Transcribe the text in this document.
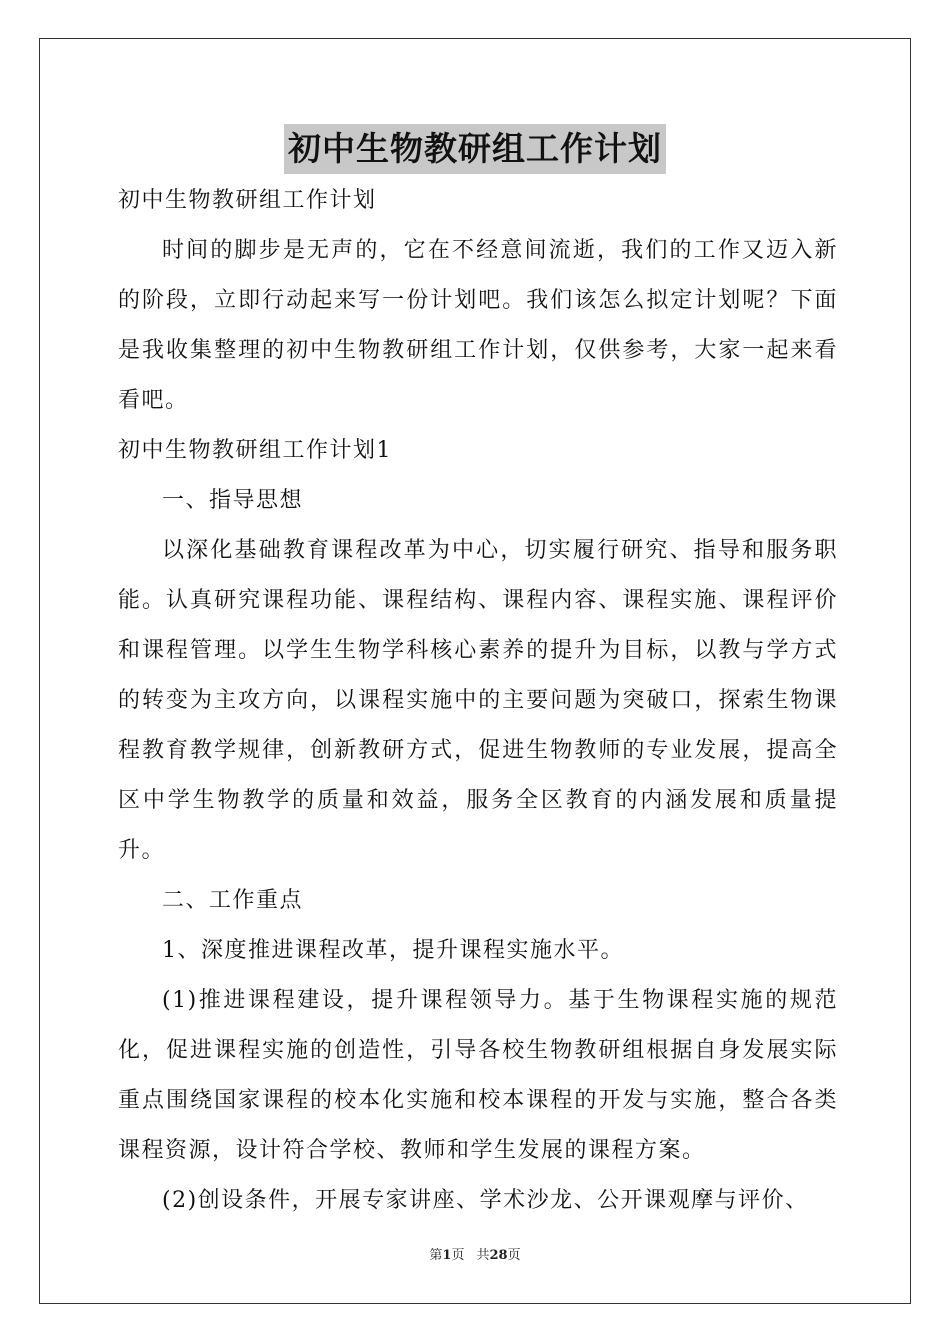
初中生物教研组工作计划

初中生物教研组工作计划

时间的脚步是无声的，它在不经意间流逝，我们的工作又迈入新的阶段，立即行动起来写一份计划吧。我们该怎么拟定计划呢？下面是我收集整理的初中生物教研组工作计划，仅供参考，大家一起来看看吧。

初中生物教研组工作计划1

一、指导思想

以深化基础教育课程改革为中心，切实履行研究、指导和服务职能。认真研究课程功能、课程结构、课程内容、课程实施、课程评价和课程管理。以学生生物学科核心素养的提升为目标，以教与学方式的转变为主攻方向，以课程实施中的主要问题为突破口，探索生物课程教育教学规律，创新教研方式，促进生物教师的专业发展，提高全区中学生物教学的质量和效益，服务全区教育的内涵发展和质量提升。

二、工作重点

1、深度推进课程改革，提升课程实施水平。

(1)推进课程建设，提升课程领导力。基于生物课程实施的规范化，促进课程实施的创造性，引导各校生物教研组根据自身发展实际重点围绕国家课程的校本化实施和校本课程的开发与实施，整合各类课程资源，设计符合学校、教师和学生发展的课程方案。

(2)创设条件，开展专家讲座、学术沙龙、公开课观摩与评价、

第1页 共28页
